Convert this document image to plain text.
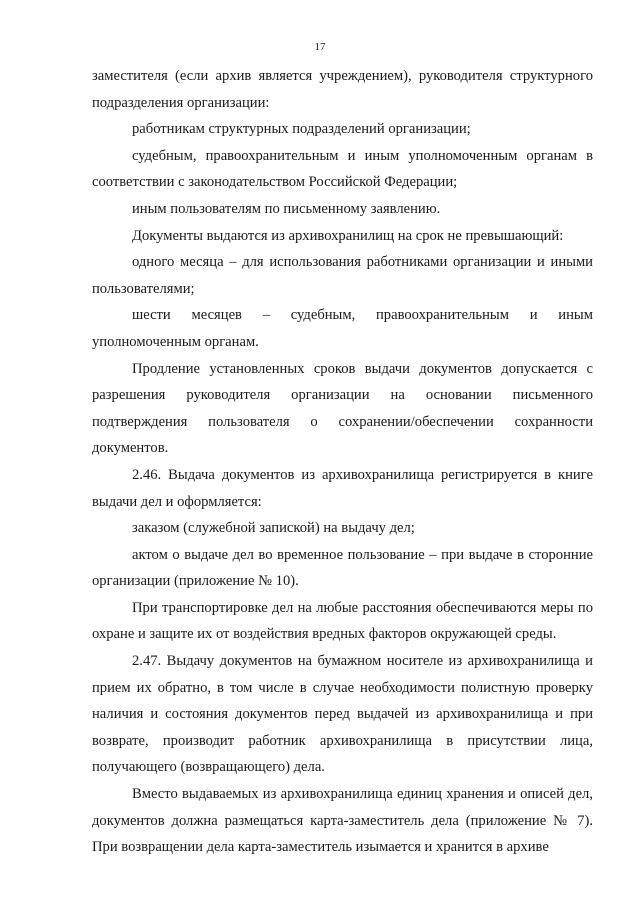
17

заместителя (если архив является учреждением), руководителя структурного подразделения организации:

работникам структурных подразделений организации;

судебным, правоохранительным и иным уполномоченным органам в соответствии с законодательством Российской Федерации;

иным пользователям по письменному заявлению.

Документы выдаются из архивохранилищ на срок не превышающий:

одного месяца – для использования работниками организации и иными пользователями;

шести месяцев – судебным, правоохранительным и иным

уполномоченным органам.

Продление установленных сроков выдачи документов допускается с разрешения руководителя организации на основании письменного подтверждения пользователя о сохранении/обеспечении сохранности документов.

2.46. Выдача документов из архивохранилища регистрируется в книге выдачи дел и оформляется:

заказом (служебной запиской) на выдачу дел;

актом о выдаче дел во временное пользование – при выдаче в сторонние организации (приложение № 10).

При транспортировке дел на любые расстояния обеспечиваются меры по охране и защите их от воздействия вредных факторов окружающей среды.

2.47. Выдачу документов на бумажном носителе из архивохранилища и прием их обратно, в том числе в случае необходимости полистную проверку наличия и состояния документов перед выдачей из архивохранилища и при возврате, производит работник архивохранилища в присутствии лица, получающего (возвращающего) дела.

Вместо выдаваемых из архивохранилища единиц хранения и описей дел, документов должна размещаться карта-заместитель дела (приложение № 7). При возвращении дела карта-заместитель изымается и хранится в архиве
